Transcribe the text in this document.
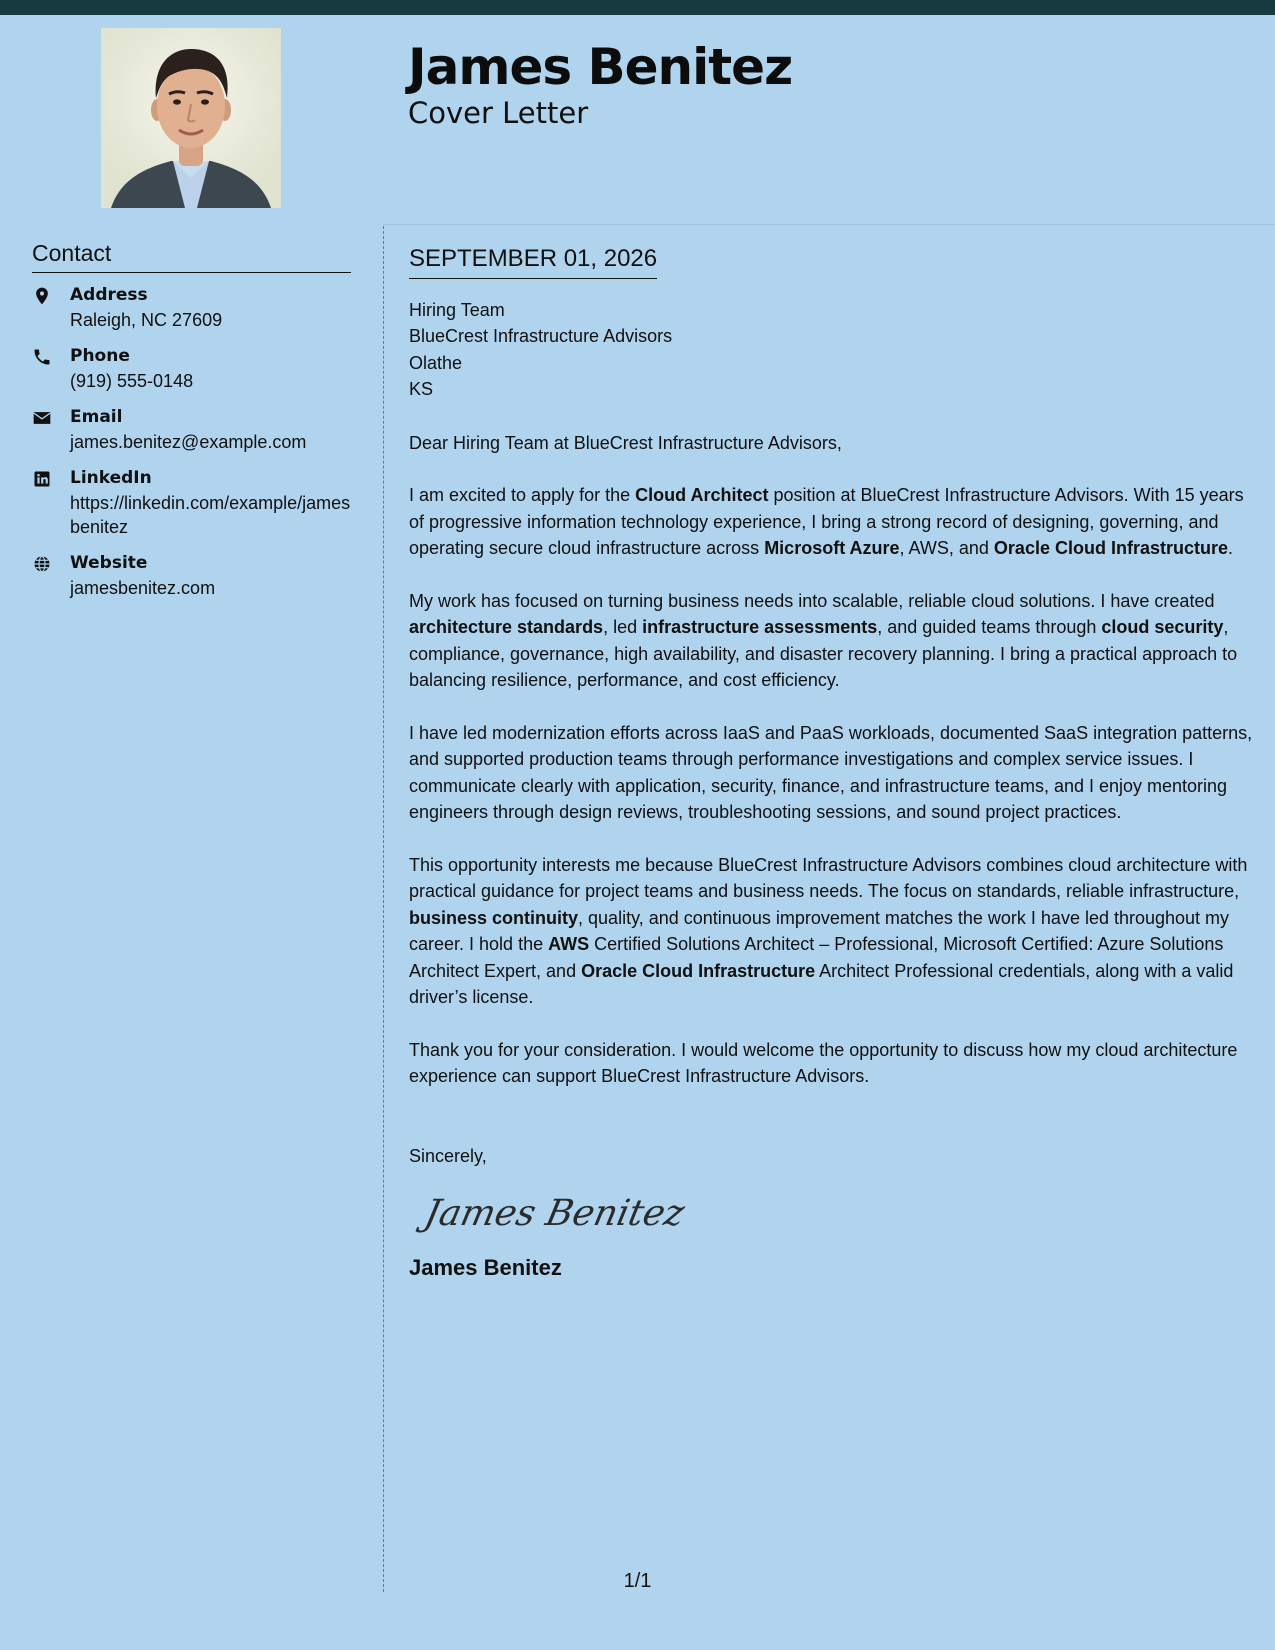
James Benitez
Cover Letter
Contact
Address
Raleigh, NC 27609
Phone
(919) 555-0148
Email
james.benitez@example.com
LinkedIn
https://linkedin.com/example/jamesbenitez
Website
jamesbenitez.com
SEPTEMBER 01, 2026
Hiring Team
BlueCrest Infrastructure Advisors
Olathe
KS
Dear Hiring Team at BlueCrest Infrastructure Advisors,
I am excited to apply for the Cloud Architect position at BlueCrest Infrastructure Advisors. With 15 years of progressive information technology experience, I bring a strong record of designing, governing, and operating secure cloud infrastructure across Microsoft Azure, AWS, and Oracle Cloud Infrastructure.
My work has focused on turning business needs into scalable, reliable cloud solutions. I have created architecture standards, led infrastructure assessments, and guided teams through cloud security, compliance, governance, high availability, and disaster recovery planning. I bring a practical approach to balancing resilience, performance, and cost efficiency.
I have led modernization efforts across IaaS and PaaS workloads, documented SaaS integration patterns, and supported production teams through performance investigations and complex service issues. I communicate clearly with application, security, finance, and infrastructure teams, and I enjoy mentoring engineers through design reviews, troubleshooting sessions, and sound project practices.
This opportunity interests me because BlueCrest Infrastructure Advisors combines cloud architecture with practical guidance for project teams and business needs. The focus on standards, reliable infrastructure, business continuity, quality, and continuous improvement matches the work I have led throughout my career. I hold the AWS Certified Solutions Architect – Professional, Microsoft Certified: Azure Solutions Architect Expert, and Oracle Cloud Infrastructure Architect Professional credentials, along with a valid driver’s license.
Thank you for your consideration. I would welcome the opportunity to discuss how my cloud architecture experience can support BlueCrest Infrastructure Advisors.
Sincerely,
James Benitez
James Benitez
1/1
